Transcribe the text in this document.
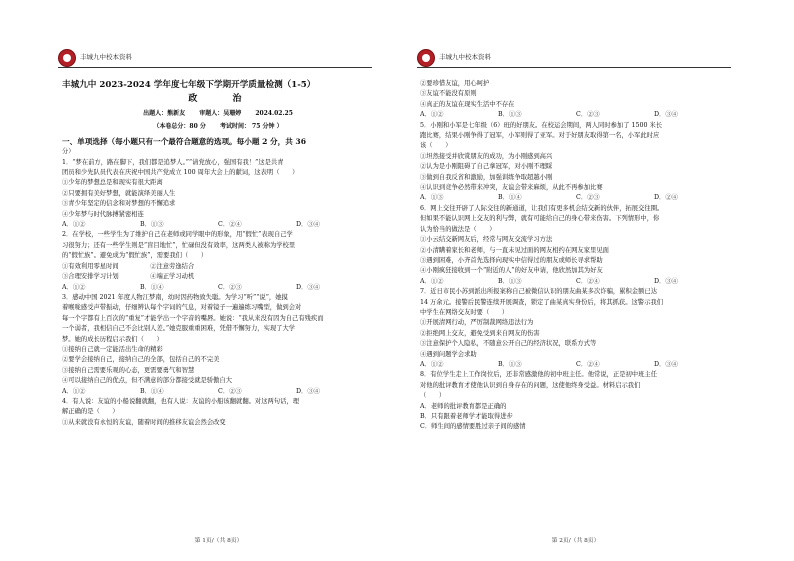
丰城九中校本资料
丰城九中 2023-2024 学年度七年级下学期开学质量检测（1-5）
政 治
出题人：熊新友 审题人：吴珊婷 2024.02.25
（本卷总分：80 分 考试时间： 75 分钟 ）
一、单项选择（每小题只有一个最符合题意的选项。每小题 2 分，共 36
分）
1．“梦在前方，路在脚下，我们都是追梦人。”“请党放心，强国有我！”这是共青
团员和少先队员代表在庆祝中国共产党成立 100 周年大会上的献词，这表明（　　）
①少年的梦想总是和现实有很大距离
②只要拥有美好梦想，就能演绎美丽人生
③青少年坚定的信念和对梦想的不懈追求
④少年梦与时代脉搏紧密相连
A．①②	B．①③	C．②④	D．③④
2．在学校，一些学生为了维护自己在老师或同学眼中的形象，用“假忙”表现自己学
习很努力；还有一些学生则是“盲目地忙”，忙碌但没有效率，这两类人被称为学校里
的“假忙族”。避免成为“假忙族”，需要我们（　　）
①有效利用零星时间　　　　　②注意劳逸结合
③合理安排学习计划　　　　　④端正学习动机
A．①②	B．①④	C．②③	D．③④
3．感动中国 2021 年度人物江梦南，幼时因药物致失聪。为学习“听”“说”，她摸
着喉咙感受声带振动，仔细辨认每个字词的气息，对着镜子一遍遍练习嘴型，做到会对
每一个字都有上百次的“重复”才能学出一个字音的嘴唇。她说：“我从来没有因为自己有残疾而
一个弱者，我相信自己不会比别人差。”她克服重重困难，凭借不懈努力，实现了大学
梦。她的成长历程启示我们（　　）
①接纳自己就一定能活出生命的精彩
②要学会接纳自己，接纳自己的全部，包括自己的不完美
③接纳自己需要乐观的心态，更需要勇气和智慧
④可以接纳自己的优点，但不满意的部分都接受就是骄傲自大
A．①②	B．①④	C．②③	D．③④
4．有人说：友谊的小船说翻就翻，也有人说：友谊的小船该翻就翻。对这两句话，理
解正确的是（　　）
①从来就没有永恒的友谊，随着时间的推移友谊会然会改变
第 1页/（共 8页）
丰城九中校本资料
②要珍惜友谊，用心呵护
③友谊不能没有原则
④真正的友谊在现实生活中不存在
A．①②	B．①③	C．②③	D．③④
5．小刚和小军是七年级（6）班的好朋友。在校运会期间，两人同时参加了 1500 米长
跑比赛，结果小刚争得了冠军，小军则得了亚军。对于好朋友取得第一名，小军此时应
该（　　）
①坦然接受并欣赏朋友的成功，为小刚感到高兴
②认为是小刚阻碍了自己拿冠军，对小刚不理睬
③做到自我反省和激励，加强训练争取超越小刚
④认识到竞争必然带来冲突，友谊会带来麻烦，从此不再参加比赛
A．①③	B．①④	C．②③	D．②④
6．网上交往开辟了人际交往的新通道，让我们有更多机会结交新的伙伴，拓展交往圈。
但如果不能认识网上交友的利与弊，就有可能给自己的身心带来伤害。下列情形中，你
认为恰当的做法是（　　）
①小云结交新网友后，经常与网友交流学习方法
②小清瞒着家长和老师，与一直未见过面的网友相约在网友家里见面
③遇到困难，小齐首先选择向现实中信得过的朋友或师长寻求帮助
④小刚疯狂接收到一个“附近的人”的好友申请，他欣然加其为好友
A．①②	B．①③	C．②④	D．③④
7．近日市民小苏到派出所报案称自己被微信认识的朋友曲某多次诈骗，累积金额已达
14 万余元。接警后民警连续开展调查，锁定了曲某真实身份后，将其抓获。这警示我们
中学生在网络交友时要（　　）
①开展清网行动，严厉制裁网络违法行为
②拒绝网上交友，避免受到来自网友的伤害
③注意保护个人隐私，不随意公开自己的经济状况，联系方式等
④遇到问题学会求助
A．①②	B．①③	C．②④	D．③④
8．有位学生走上工作岗位后，还非常感激他的初中班主任。他常说，正是初中班主任
对他的批评教育才使他认识到自身存在的问题，这使他终身受益。材料启示我们
（　　）
A．老师的批评教育都是正确的
B．只有跟着老师学才能取得进步
C．师生间的感情要胜过亲子间的感情
第 2页/（共 8页）
